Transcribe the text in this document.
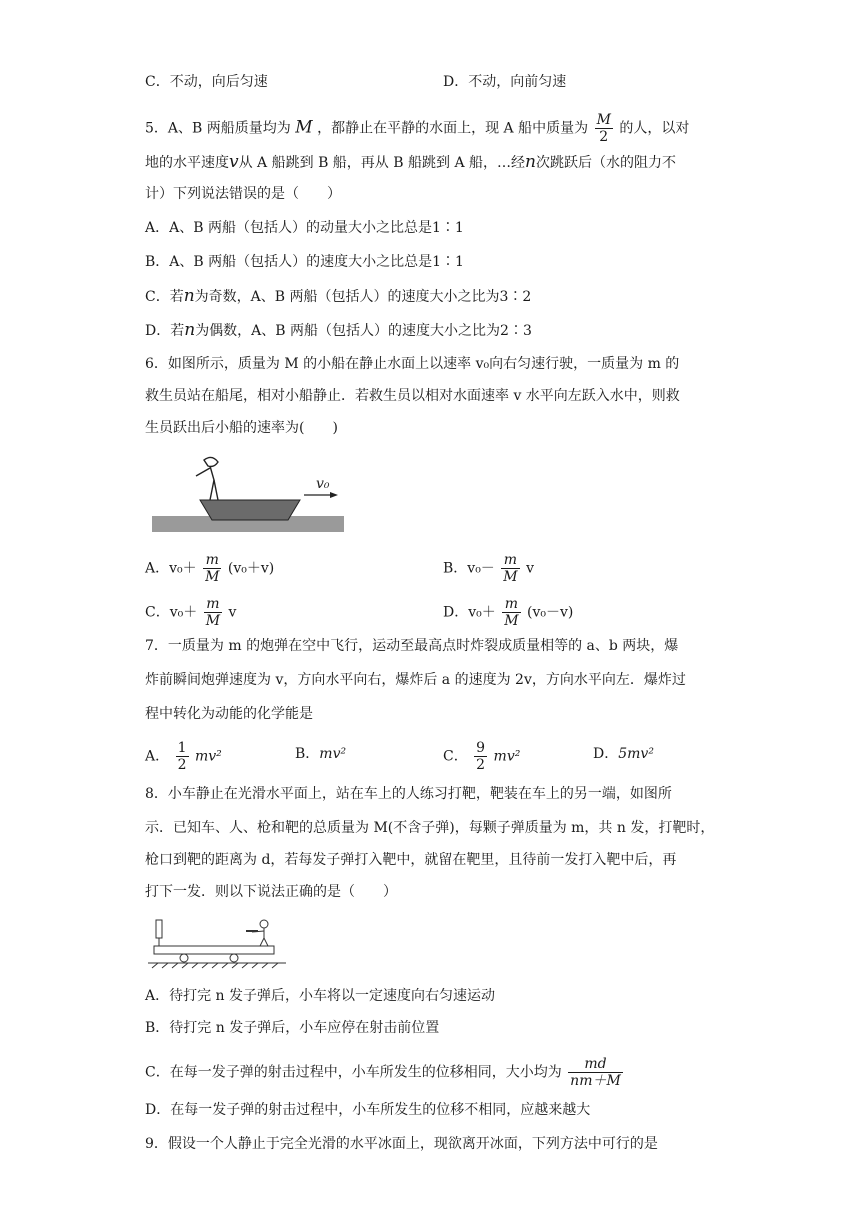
C．不动，向后匀速	D．不动，向前匀速
5．A、B 两船质量均为 M ，都静止在平静的水面上，现 A 船中质量为 $\frac{M}{2}$ 的人，以对
地的水平速度v从 A 船跳到 B 船，再从 B 船跳到 A 船，…经n次跳跃后（水的阻力不
计）下列说法错误的是（　　）
A．A、B 两船（包括人）的动量大小之比总是1∶1
B．A、B 两船（包括人）的速度大小之比总是1∶1
C．若n为奇数，A、B 两船（包括人）的速度大小之比为3∶2
D．若n为偶数，A、B 两船（包括人）的速度大小之比为2∶3
6．如图所示，质量为 M 的小船在静止水面上以速率 v₀向右匀速行驶，一质量为 m 的
救生员站在船尾，相对小船静止．若救生员以相对水面速率 v 水平向左跃入水中，则救
生员跃出后小船的速率为(　　)
v₀
A．$v_0+ \frac{m}{M} (v_0+v)$	B．$v_0- \frac{m}{M}$ v
C．$v_0+ \frac{m}{M}$ v	D．$v_0+ \frac{m}{M} (v_0-v)$
7．一质量为 m 的炮弹在空中飞行，运动至最高点时炸裂成质量相等的 a、b 两块，爆
炸前瞬间炮弹速度为 v，方向水平向右，爆炸后 a 的速度为 2v，方向水平向左．爆炸过
程中转化为动能的化学能是
A． $\frac{1}{2} mv^2$	B．mv²	C． $\frac{9}{2} mv^2$	D．5mv²
8．小车静止在光滑水平面上，站在车上的人练习打靶，靶装在车上的另一端，如图所
示．已知车、人、枪和靶的总质量为 M(不含子弹)，每颗子弹质量为 m，共 n 发，打靶时，
枪口到靶的距离为 d，若每发子弹打入靶中，就留在靶里，且待前一发打入靶中后，再
打下一发．则以下说法正确的是（　　）
A．待打完 n 发子弹后，小车将以一定速度向右匀速运动
B．待打完 n 发子弹后，小车应停在射击前位置
C．在每一发子弹的射击过程中，小车所发生的位移相同，大小均为 $\frac{md}{nm+M}$
D．在每一发子弹的射击过程中，小车所发生的位移不相同，应越来越大
9．假设一个人静止于完全光滑的水平冰面上，现欲离开冰面，下列方法中可行的是
